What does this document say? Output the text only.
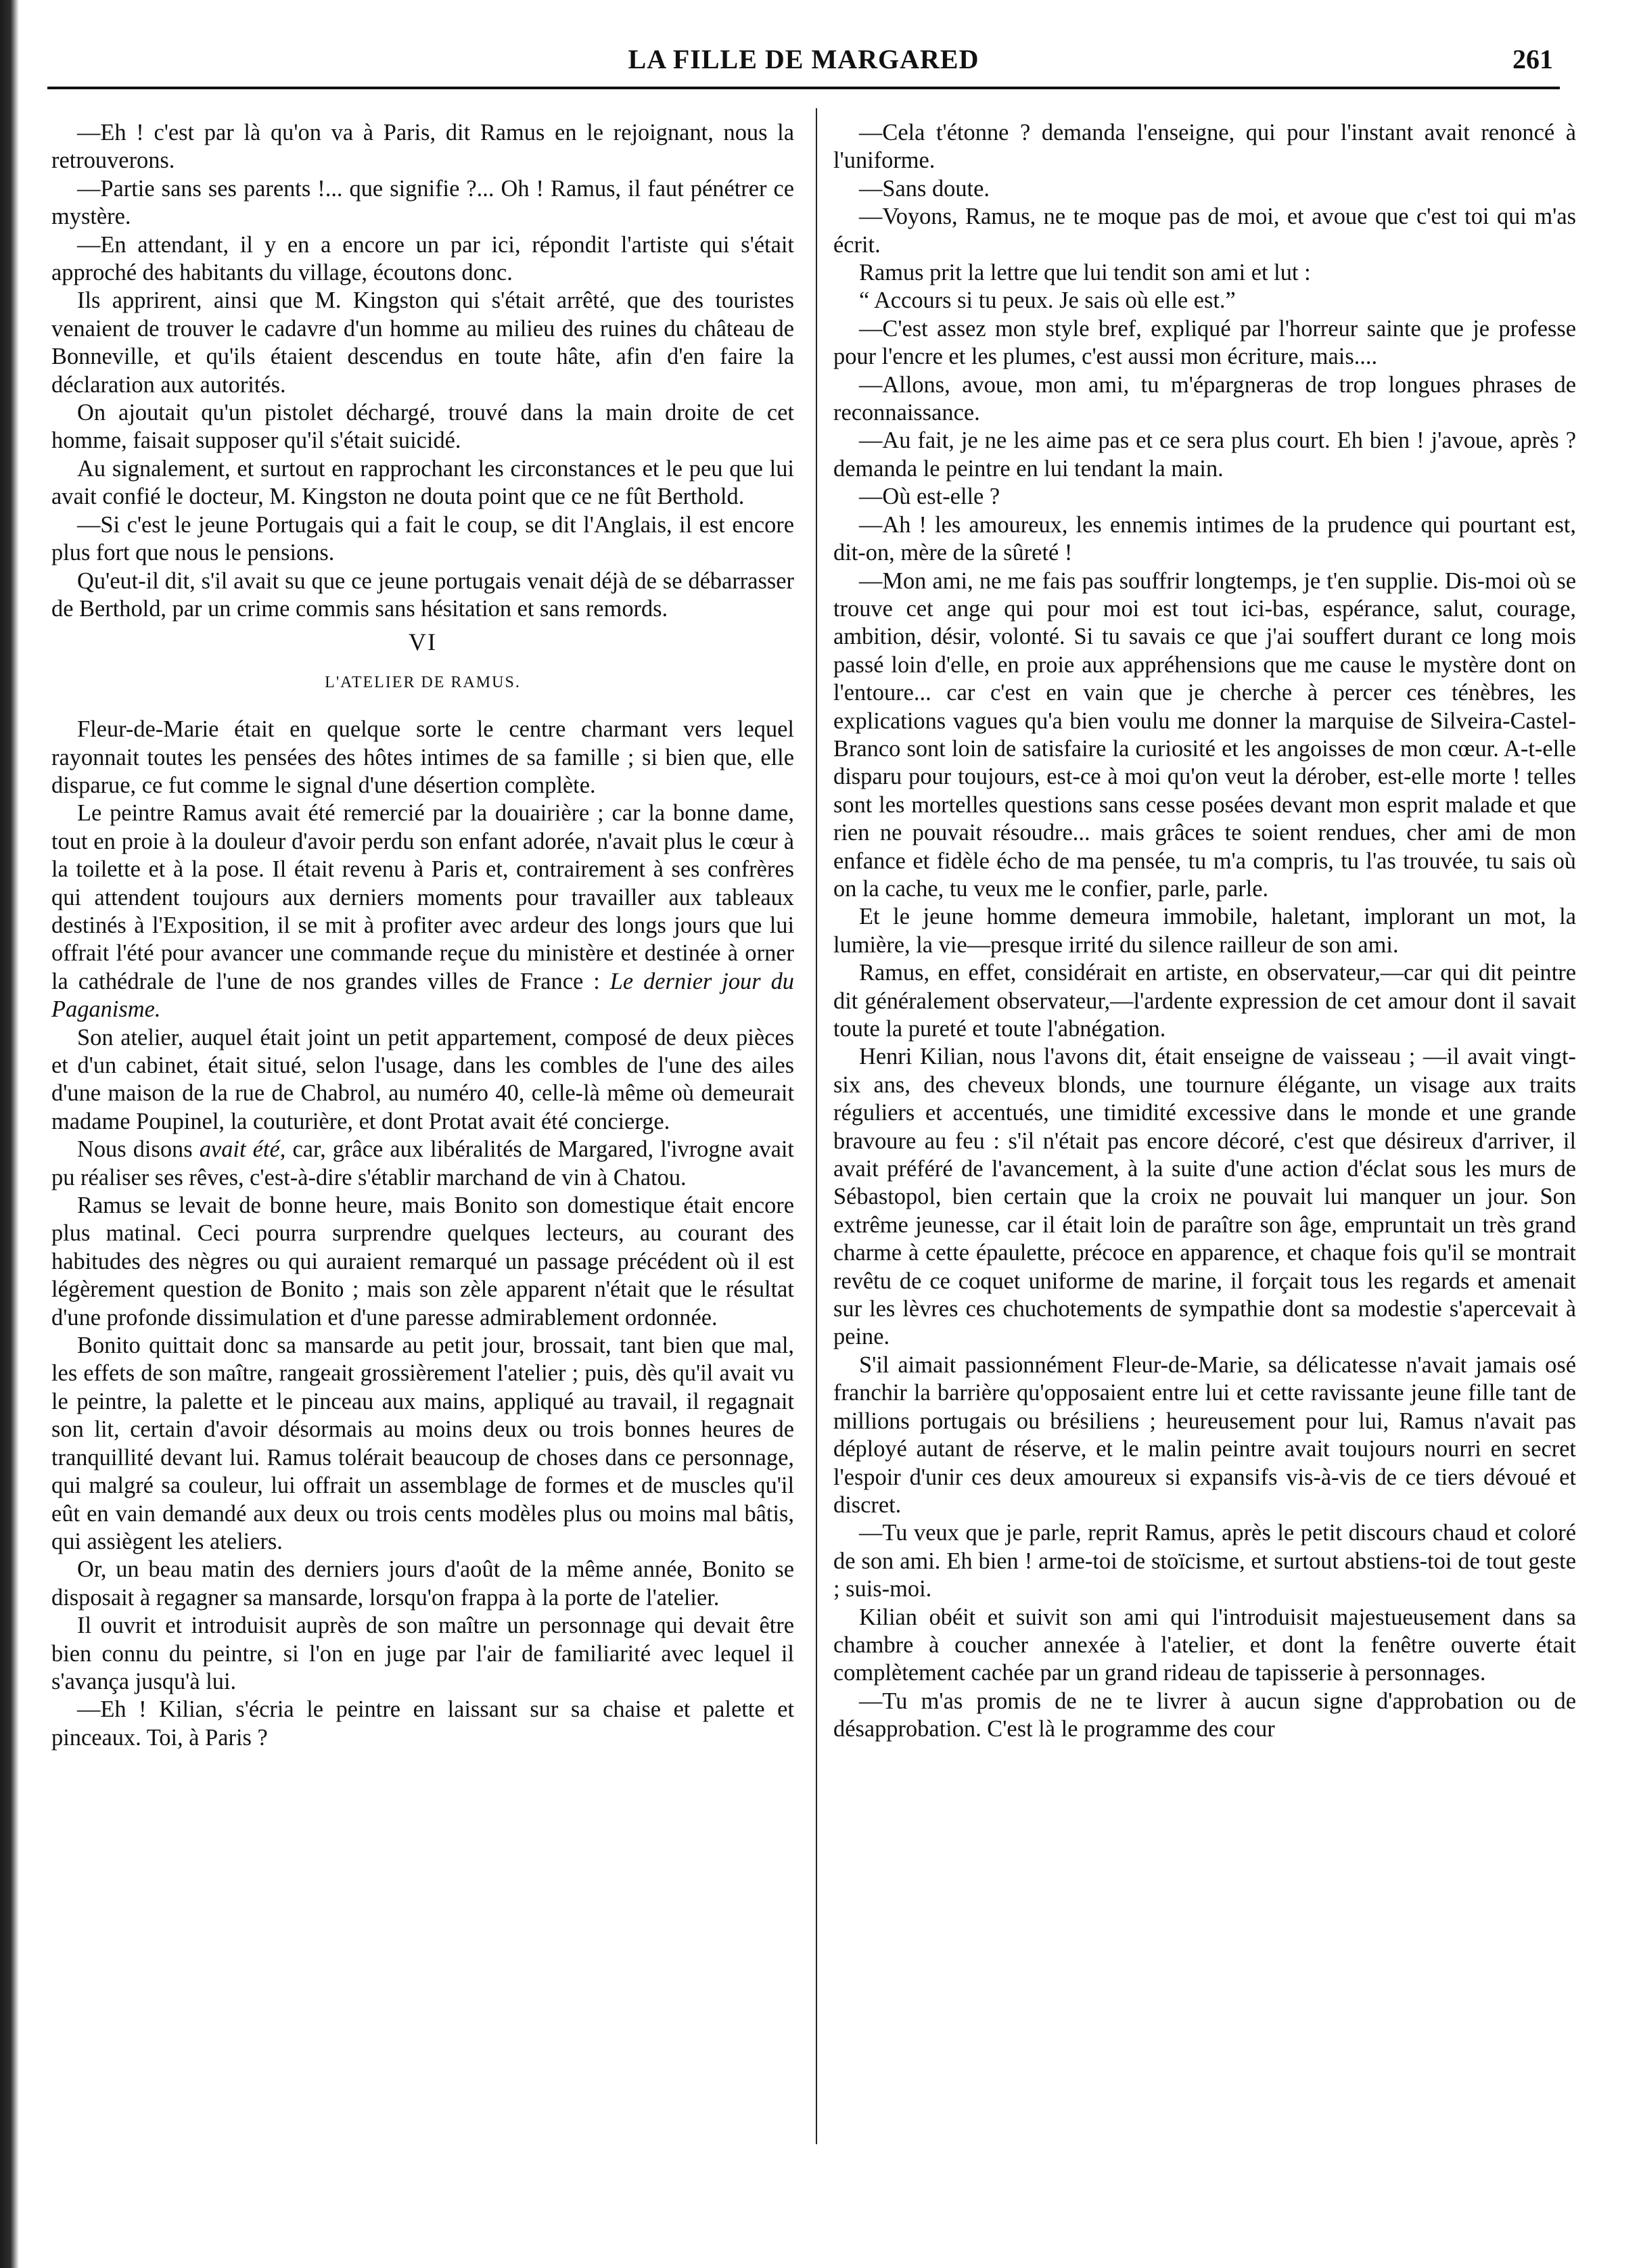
LA FILLE DE MARGARED	261

—Eh ! c'est par là qu'on va à Paris, dit Ramus en le rejoignant, nous la retrouverons.

—Partie sans ses parents !... que signifie ?... Oh ! Ramus, il faut pénétrer ce mystère.

—En attendant, il y en a encore un par ici, répondit l'artiste qui s'était approché des habitants du village, écoutons donc.

Ils apprirent, ainsi que M. Kingston qui s'était arrêté, que des touristes venaient de trouver le cadavre d'un homme au milieu des ruines du château de Bonneville, et qu'ils étaient descendus en toute hâte, afin d'en faire la déclaration aux autorités.

On ajoutait qu'un pistolet déchargé, trouvé dans la main droite de cet homme, faisait supposer qu'il s'était suicidé.

Au signalement, et surtout en rapprochant les circonstances et le peu que lui avait confié le docteur, M. Kingston ne douta point que ce ne fût Berthold.

—Si c'est le jeune Portugais qui a fait le coup, se dit l'Anglais, il est encore plus fort que nous le pensions.

Qu'eut-il dit, s'il avait su que ce jeune portugais venait déjà de se débarrasser de Berthold, par un crime commis sans hésitation et sans remords.

VI
L'ATELIER DE RAMUS.

Fleur-de-Marie était en quelque sorte le centre charmant vers lequel rayonnait toutes les pensées des hôtes intimes de sa famille ; si bien que, elle disparue, ce fut comme le signal d'une désertion complète.

Le peintre Ramus avait été remercié par la douairière ; car la bonne dame, tout en proie à la douleur d'avoir perdu son enfant adorée, n'avait plus le cœur à la toilette et à la pose. Il était revenu à Paris et, contrairement à ses confrères qui attendent toujours aux derniers moments pour travailler aux tableaux destinés à l'Exposition, il se mit à profiter avec ardeur des longs jours que lui offrait l'été pour avancer une commande reçue du ministère et destinée à orner la cathédrale de l'une de nos grandes villes de France : Le dernier jour du Paganisme.

Son atelier, auquel était joint un petit appartement, composé de deux pièces et d'un cabinet, était situé, selon l'usage, dans les combles de l'une des ailes d'une maison de la rue de Chabrol, au numéro 40, celle-là même où demeurait madame Poupinel, la couturière, et dont Protat avait été concierge.

Nous disons avait été, car, grâce aux libéralités de Margared, l'ivrogne avait pu réaliser ses rêves, c'est-à-dire s'établir marchand de vin à Chatou.

Ramus se levait de bonne heure, mais Bonito son domestique était encore plus matinal. Ceci pourra surprendre quelques lecteurs, au courant des habitudes des nègres ou qui auraient remarqué un passage précédent où il est légèrement question de Bonito ; mais son zèle apparent n'était que le résultat d'une profonde dissimulation et d'une paresse admirablement ordonnée.

Bonito quittait donc sa mansarde au petit jour, brossait, tant bien que mal, les effets de son maître, rangeait grossièrement l'atelier ; puis, dès qu'il avait vu le peintre, la palette et le pinceau aux mains, appliqué au travail, il regagnait son lit, certain d'avoir désormais au moins deux ou trois bonnes heures de tranquillité devant lui. Ramus tolérait beaucoup de choses dans ce personnage, qui malgré sa couleur, lui offrait un assemblage de formes et de muscles qu'il eût en vain demandé aux deux ou trois cents modèles plus ou moins mal bâtis, qui assiègent les ateliers.

Or, un beau matin des derniers jours d'août de la même année, Bonito se disposait à regagner sa mansarde, lorsqu'on frappa à la porte de l'atelier.

Il ouvrit et introduisit auprès de son maître un personnage qui devait être bien connu du peintre, si l'on en juge par l'air de familiarité avec lequel il s'avança jusqu'à lui.

—Eh ! Kilian, s'écria le peintre en laissant sur sa chaise et palette et pinceaux. Toi, à Paris ?

—Cela t'étonne ? demanda l'enseigne, qui pour l'instant avait renoncé à l'uniforme.

—Sans doute.

—Voyons, Ramus, ne te moque pas de moi, et avoue que c'est toi qui m'as écrit.

Ramus prit la lettre que lui tendit son ami et lut :

“ Accours si tu peux. Je sais où elle est.”

—C'est assez mon style bref, expliqué par l'horreur sainte que je professe pour l'encre et les plumes, c'est aussi mon écriture, mais....

—Allons, avoue, mon ami, tu m'épargneras de trop longues phrases de reconnaissance.

—Au fait, je ne les aime pas et ce sera plus court. Eh bien ! j'avoue, après ? demanda le peintre en lui tendant la main.

—Où est-elle ?

—Ah ! les amoureux, les ennemis intimes de la prudence qui pourtant est, dit-on, mère de la sûreté !

—Mon ami, ne me fais pas souffrir longtemps, je t'en supplie. Dis-moi où se trouve cet ange qui pour moi est tout ici-bas, espérance, salut, courage, ambition, désir, volonté. Si tu savais ce que j'ai souffert durant ce long mois passé loin d'elle, en proie aux appréhensions que me cause le mystère dont on l'entoure... car c'est en vain que je cherche à percer ces ténèbres, les explications vagues qu'a bien voulu me donner la marquise de Silveira-Castel-Branco sont loin de satisfaire la curiosité et les angoisses de mon cœur. A-t-elle disparu pour toujours, est-ce à moi qu'on veut la dérober, est-elle morte ! telles sont les mortelles questions sans cesse posées devant mon esprit malade et que rien ne pouvait résoudre... mais grâces te soient rendues, cher ami de mon enfance et fidèle écho de ma pensée, tu m'a compris, tu l'as trouvée, tu sais où on la cache, tu veux me le confier, parle, parle.

Et le jeune homme demeura immobile, haletant, implorant un mot, la lumière, la vie—presque irrité du silence railleur de son ami.

Ramus, en effet, considérait en artiste, en observateur,—car qui dit peintre dit généralement observateur,—l'ardente expression de cet amour dont il savait toute la pureté et toute l'abnégation.

Henri Kilian, nous l'avons dit, était enseigne de vaisseau ; —il avait vingt-six ans, des cheveux blonds, une tournure élégante, un visage aux traits réguliers et accentués, une timidité excessive dans le monde et une grande bravoure au feu : s'il n'était pas encore décoré, c'est que désireux d'arriver, il avait préféré de l'avancement, à la suite d'une action d'éclat sous les murs de Sébastopol, bien certain que la croix ne pouvait lui manquer un jour. Son extrême jeunesse, car il était loin de paraître son âge, empruntait un très grand charme à cette épaulette, précoce en apparence, et chaque fois qu'il se montrait revêtu de ce coquet uniforme de marine, il forçait tous les regards et amenait sur les lèvres ces chuchotements de sympathie dont sa modestie s'apercevait à peine.

S'il aimait passionnément Fleur-de-Marie, sa délicatesse n'avait jamais osé franchir la barrière qu'opposaient entre lui et cette ravissante jeune fille tant de millions portugais ou brésiliens ; heureusement pour lui, Ramus n'avait pas déployé autant de réserve, et le malin peintre avait toujours nourri en secret l'espoir d'unir ces deux amoureux si expansifs vis-à-vis de ce tiers dévoué et discret.

—Tu veux que je parle, reprit Ramus, après le petit discours chaud et coloré de son ami. Eh bien ! arme-toi de stoïcisme, et surtout abstiens-toi de tout geste ; suis-moi.

Kilian obéit et suivit son ami qui l'introduisit majestueusement dans sa chambre à coucher annexée à l'atelier, et dont la fenêtre ouverte était complètement cachée par un grand rideau de tapisserie à personnages.

—Tu m'as promis de ne te livrer à aucun signe d'approbation ou de désapprobation. C'est là le programme des cour
